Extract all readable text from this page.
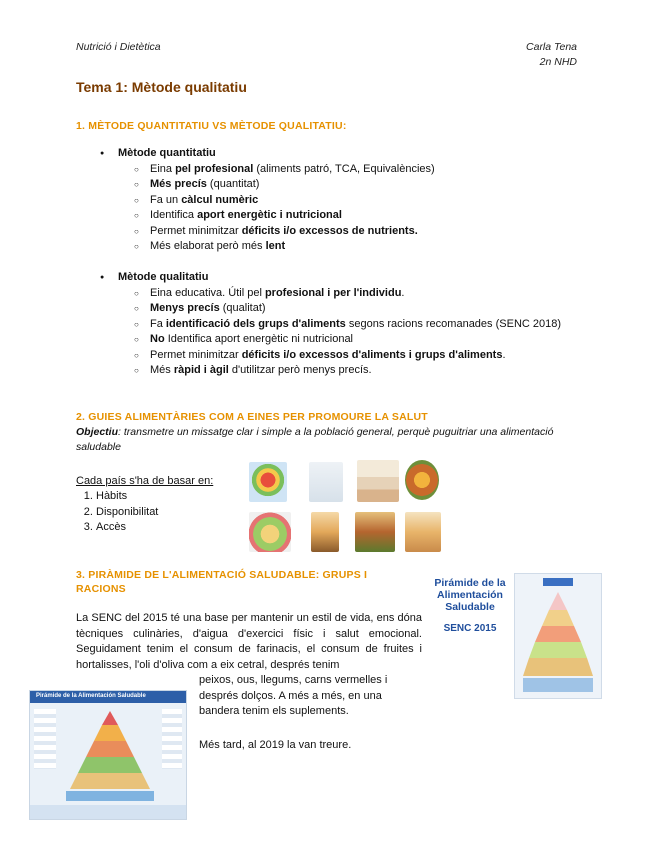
Nutrició i Dietètica	Carla Tena
2n NHD
Tema 1: Mètode qualitatiu
1. MÈTODE QUANTITATIU VS MÈTODE QUALITATIU:
● Mètode quantitatiu
○ Eina pel profesional (aliments patró, TCA, Equivalències)
○ Més precís (quantitat)
○ Fa un càlcul numèric
○ Identifica aport energètic i nutricional
○ Permet minimitzar déficits i/o excessos de nutrients.
○ Més elaborat però més lent
● Mètode qualitatiu
○ Eina educativa. Útil pel profesional i per l'individu.
○ Menys precís (qualitat)
○ Fa identificació dels grups d'aliments segons racions recomanades (SENC 2018)
○ No Identifica aport energètic ni nutricional
○ Permet minimitzar déficits i/o excessos d'aliments i grups d'aliments.
○ Més ràpid i àgil d'utilitzar però menys precís.
2. GUIES ALIMENTÀRIES COM A EINES PER PROMOURE LA SALUT
Objectiu: transmetre un missatge clar i simple a la població general, perquè puguitriar una alimentació saludable
Cada país s'ha de basar en:
1. Hàbits
2. Disponibilitat
3. Accès
3. PIRÀMIDE DE L'ALIMENTACIÓ SALUDABLE: GRUPS I
RACIONS
La SENC del 2015 té una base per mantenir un estil de vida, ens dóna tècniques culinàries, d'aigua d'exercici físic i salut emocional. Seguidament tenim el consum de farinacis, el consum de fruites i hortalisses, l'oli d'oliva com a eix cetral, després tenim
peixos, ous, llegums, carns vermelles i després dolços. A més a més, en una bandera tenim els suplements.
Més tard, al 2019 la van treure.
Pirámide de la Alimentación Saludable
SENC 2015
Pirámide de la Alimentación Saludable
